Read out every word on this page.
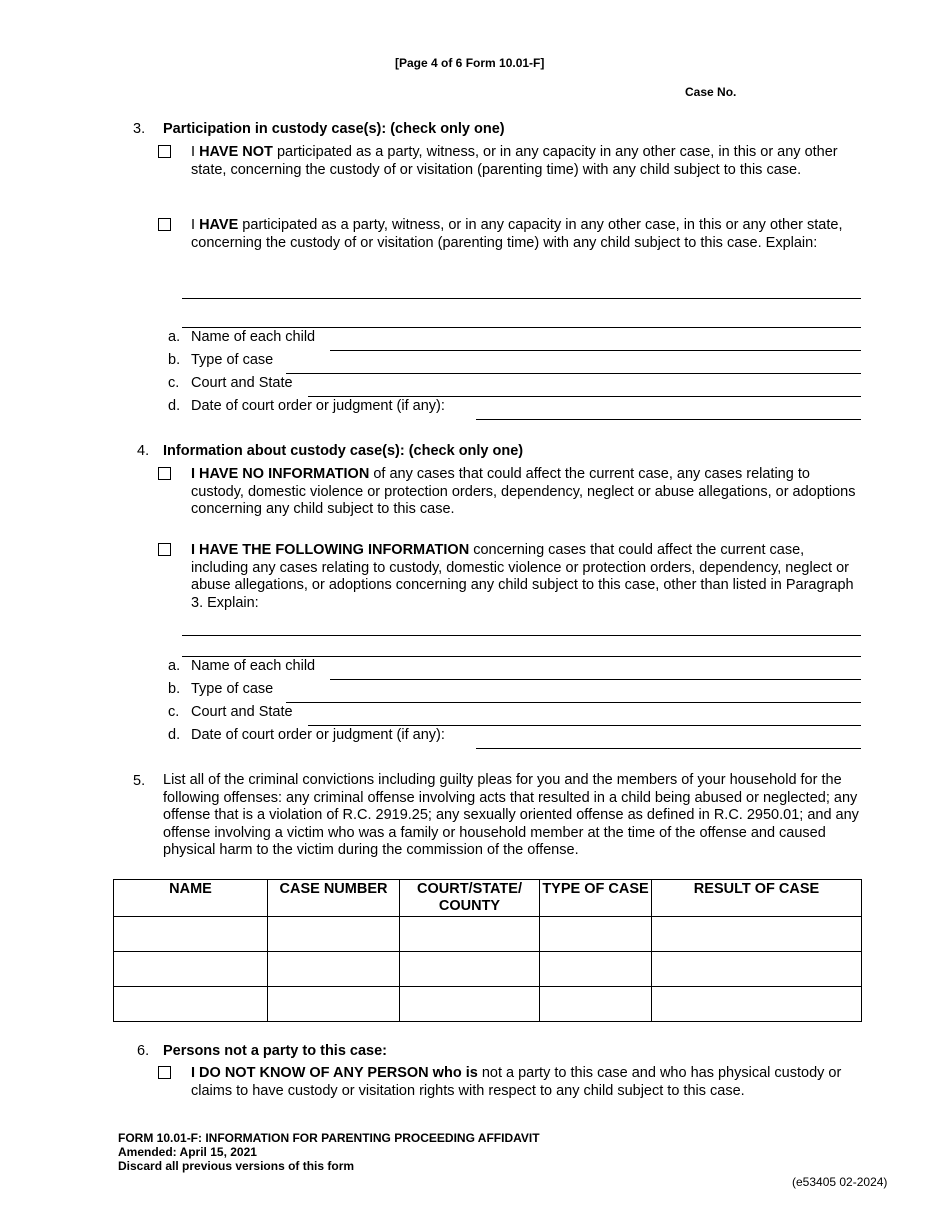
[Page 4 of 6 Form 10.01-F]
Case No.
3. Participation in custody case(s): (check only one)
I HAVE NOT participated as a party, witness, or in any capacity in any other case, in this or any other state, concerning the custody of or visitation (parenting time) with any child subject to this case.
I HAVE participated as a party, witness, or in any capacity in any other case, in this or any other state, concerning the custody of or visitation (parenting time) with any child subject to this case. Explain:
a. Name of each child
b. Type of case
c. Court and State
d. Date of court order or judgment (if any):
4. Information about custody case(s): (check only one)
I HAVE NO INFORMATION of any cases that could affect the current case, any cases relating to custody, domestic violence or protection orders, dependency, neglect or abuse allegations, or adoptions concerning any child subject to this case.
I HAVE THE FOLLOWING INFORMATION concerning cases that could affect the current case, including any cases relating to custody, domestic violence or protection orders, dependency, neglect or abuse allegations, or adoptions concerning any child subject to this case, other than listed in Paragraph 3. Explain:
a. Name of each child
b. Type of case
c. Court and State
d. Date of court order or judgment (if any):
5. List all of the criminal convictions including guilty pleas for you and the members of your household for the following offenses: any criminal offense involving acts that resulted in a child being abused or neglected; any offense that is a violation of R.C. 2919.25; any sexually oriented offense as defined in R.C. 2950.01; and any offense involving a victim who was a family or household member at the time of the offense and caused physical harm to the victim during the commission of the offense.
NAME	CASE NUMBER	COURT/STATE/ COUNTY	TYPE OF CASE	RESULT OF CASE

6. Persons not a party to this case:
I DO NOT KNOW OF ANY PERSON who is not a party to this case and who has physical custody or claims to have custody or visitation rights with respect to any child subject to this case.
FORM 10.01-F: INFORMATION FOR PARENTING PROCEEDING AFFIDAVIT
Amended: April 15, 2021
Discard all previous versions of this form
(e53405 02-2024)
